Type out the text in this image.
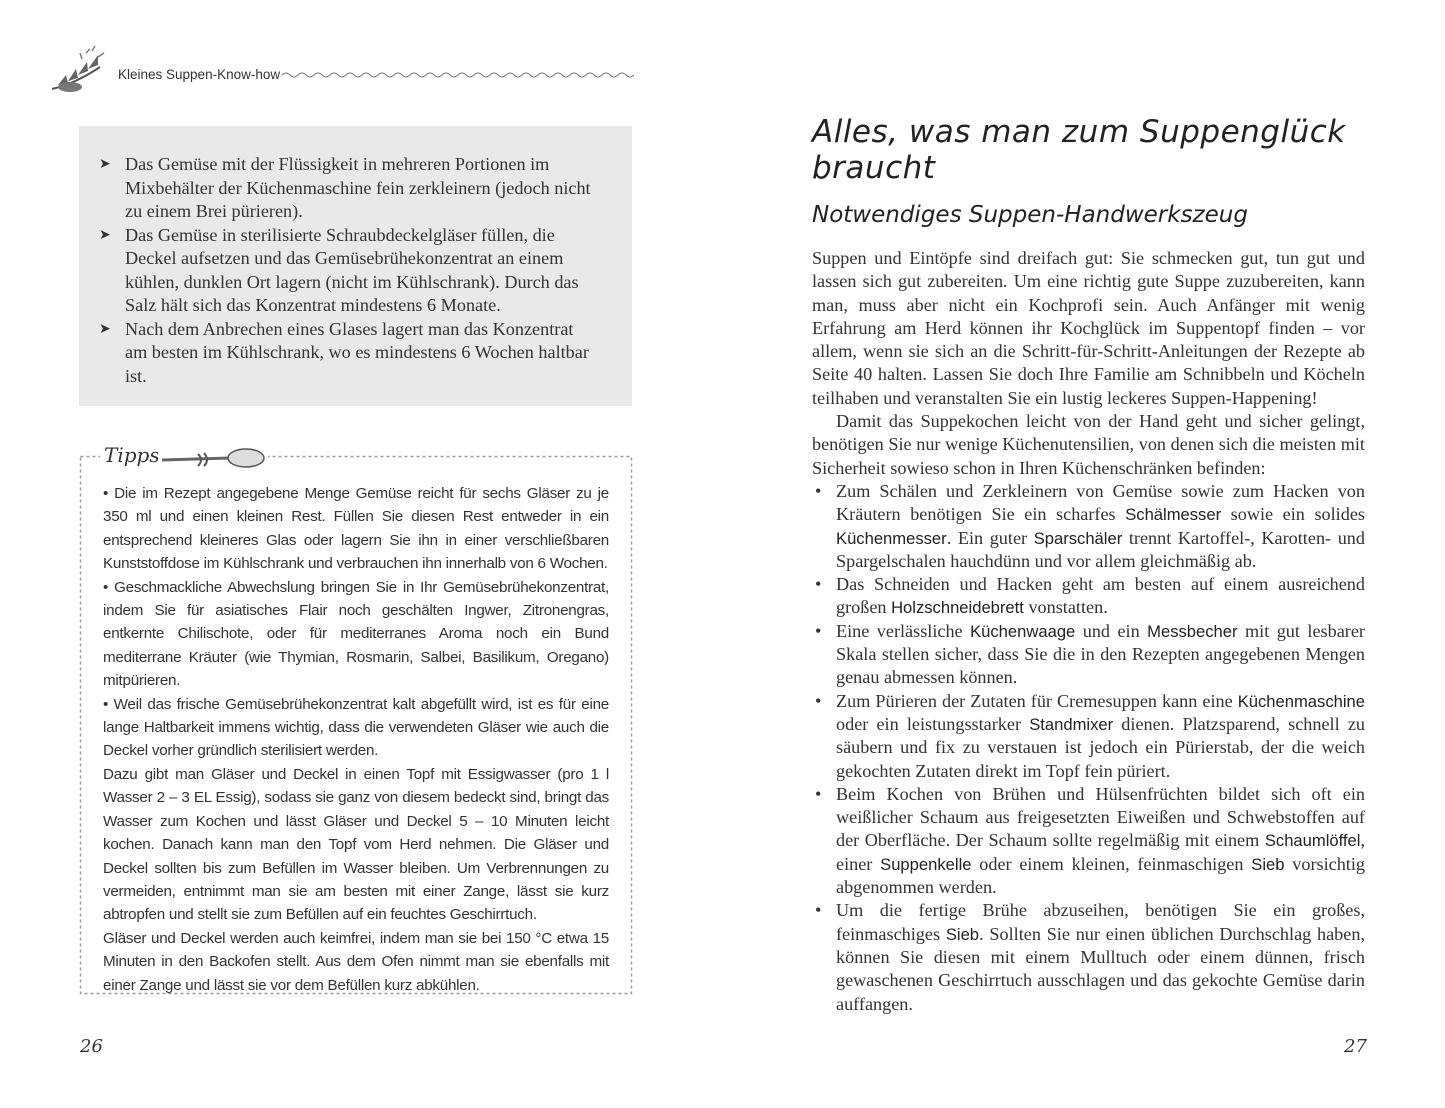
Kleines Suppen-Know-how
➤ Das Gemüse mit der Flüssigkeit in mehreren Portionen im Mixbehälter der Küchenmaschine fein zerkleinern (jedoch nicht zu einem Brei pürieren).
➤ Das Gemüse in sterilisierte Schraubdeckelgläser füllen, die Deckel aufsetzen und das Gemüsebrühekonzentrat an einem kühlen, dunklen Ort lagern (nicht im Kühlschrank). Durch das Salz hält sich das Konzentrat mindestens 6 Monate.
➤ Nach dem Anbrechen eines Glases lagert man das Konzentrat am besten im Kühlschrank, wo es mindestens 6 Wochen haltbar ist.
Tipps

• Die im Rezept angegebene Menge Gemüse reicht für sechs Gläser zu je 350 ml und einen kleinen Rest. Füllen Sie diesen Rest entweder in ein entsprechend kleineres Glas oder lagern Sie ihn in einer verschließbaren Kunststoffdose im Kühlschrank und verbrauchen ihn innerhalb von 6 Wochen.

• Geschmackliche Abwechslung bringen Sie in Ihr Gemüsebrühekonzentrat, indem Sie für asiatisches Flair noch geschälten Ingwer, Zitronengras, entkernte Chilischote, oder für mediterranes Aroma noch ein Bund mediterrane Kräuter (wie Thymian, Rosmarin, Salbei, Basilikum, Oregano) mitpürieren.

• Weil das frische Gemüsebrühekonzentrat kalt abgefüllt wird, ist es für eine lange Haltbarkeit immens wichtig, dass die verwendeten Gläser wie auch die Deckel vorher gründlich sterilisiert werden.

Dazu gibt man Gläser und Deckel in einen Topf mit Essigwasser (pro 1 l Wasser 2 – 3 EL Essig), sodass sie ganz von diesem bedeckt sind, bringt das Wasser zum Kochen und lässt Gläser und Deckel 5 – 10 Minuten leicht kochen. Danach kann man den Topf vom Herd nehmen. Die Gläser und Deckel sollten bis zum Befüllen im Wasser bleiben. Um Verbrennungen zu vermeiden, entnimmt man sie am besten mit einer Zange, lässt sie kurz abtropfen und stellt sie zum Befüllen auf ein feuchtes Geschirrtuch.

Gläser und Deckel werden auch keimfrei, indem man sie bei 150 °C etwa 15 Minuten in den Backofen stellt. Aus dem Ofen nimmt man sie ebenfalls mit einer Zange und lässt sie vor dem Befüllen kurz abkühlen.

26
Alles, was man zum Suppenglück braucht
Notwendiges Suppen-Handwerkszeug

Suppen und Eintöpfe sind dreifach gut: Sie schmecken gut, tun gut und lassen sich gut zubereiten. Um eine richtig gute Suppe zuzubereiten, kann man, muss aber nicht ein Kochprofi sein. Auch Anfänger mit wenig Erfahrung am Herd können ihr Kochglück im Suppentopf finden – vor allem, wenn sie sich an die Schritt-für-Schritt-Anleitungen der Rezepte ab Seite 40 halten. Lassen Sie doch Ihre Familie am Schnibbeln und Köcheln teilhaben und veranstalten Sie ein lustig leckeres Suppen-Happening!

Damit das Suppekochen leicht von der Hand geht und sicher gelingt, benötigen Sie nur wenige Küchenutensilien, von denen sich die meisten mit Sicherheit sowieso schon in Ihren Küchenschränken befinden:

• Zum Schälen und Zerkleinern von Gemüse sowie zum Hacken von Kräutern benötigen Sie ein scharfes Schälmesser sowie ein solides Küchenmesser. Ein guter Sparschäler trennt Kartoffel-, Karotten- und Spargelschalen hauchdünn und vor allem gleichmäßig ab.
• Das Schneiden und Hacken geht am besten auf einem ausreichend großen Holzschneidebrett vonstatten.
• Eine verlässliche Küchenwaage und ein Messbecher mit gut lesbarer Skala stellen sicher, dass Sie die in den Rezepten angegebenen Mengen genau abmessen können.
• Zum Pürieren der Zutaten für Cremesuppen kann eine Küchenmaschine oder ein leistungsstarker Standmixer dienen. Platzsparend, schnell zu säubern und fix zu verstauen ist jedoch ein Pürierstab, der die weich gekochten Zutaten direkt im Topf fein püriert.
• Beim Kochen von Brühen und Hülsenfrüchten bildet sich oft ein weißlicher Schaum aus freigesetzten Eiweißen und Schwebstoffen auf der Oberfläche. Der Schaum sollte regelmäßig mit einem Schaumlöffel, einer Suppenkelle oder einem kleinen, feinmaschigen Sieb vorsichtig abgenommen werden.
• Um die fertige Brühe abzuseihen, benötigen Sie ein großes, feinmaschiges Sieb. Sollten Sie nur einen üblichen Durchschlag haben, können Sie diesen mit einem Mulltuch oder einem dünnen, frisch gewaschenen Geschirrtuch ausschlagen und das gekochte Gemüse darin auffangen.
27
